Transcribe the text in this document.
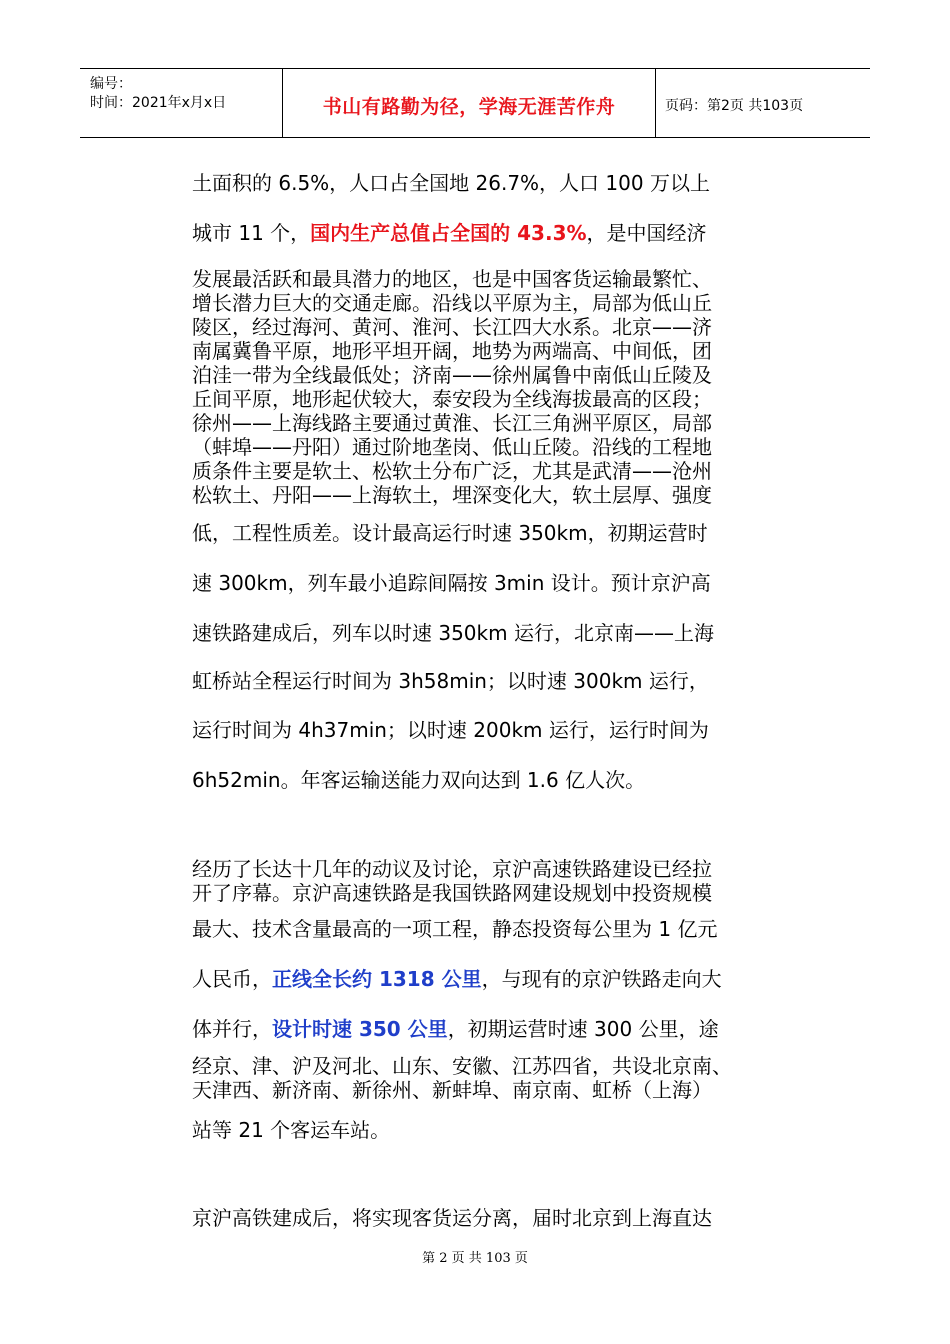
编号：
时间：2021年x月x日	书山有路勤为径，学海无涯苦作舟	页码：第2页 共103页
土面积的 6.5%，人口占全国地 26.7%，人口 100 万以上
城市 11 个，国内生产总值占全国的 43.3%，是中国经济
发展最活跃和最具潜力的地区，也是中国客货运输最繁忙、
增长潜力巨大的交通走廊。沿线以平原为主，局部为低山丘
陵区，经过海河、黄河、淮河、长江四大水系。北京——济
南属冀鲁平原，地形平坦开阔，地势为两端高、中间低，团
泊洼一带为全线最低处；济南——徐州属鲁中南低山丘陵及
丘间平原，地形起伏较大，泰安段为全线海拔最高的区段；
徐州——上海线路主要通过黄淮、长江三角洲平原区，局部
（蚌埠——丹阳）通过阶地垄岗、低山丘陵。沿线的工程地
质条件主要是软土、松软土分布广泛，尤其是武清——沧州
松软土、丹阳——上海软土，埋深变化大，软土层厚、强度
低，工程性质差。设计最高运行时速 350km，初期运营时
速 300km，列车最小追踪间隔按 3min 设计。预计京沪高
速铁路建成后，列车以时速 350km 运行，北京南——上海
虹桥站全程运行时间为 3h58min；以时速 300km 运行，
运行时间为 4h37min；以时速 200km 运行，运行时间为
6h52min。年客运输送能力双向达到 1.6 亿人次。
经历了长达十几年的动议及讨论，京沪高速铁路建设已经拉
开了序幕。京沪高速铁路是我国铁路网建设规划中投资规模
最大、技术含量最高的一项工程，静态投资每公里为 1 亿元
人民币，正线全长约 1318 公里，与现有的京沪铁路走向大
体并行，设计时速 350 公里，初期运营时速 300 公里，途
经京、津、沪及河北、山东、安徽、江苏四省，共设北京南、
天津西、新济南、新徐州、新蚌埠、南京南、虹桥（上海）
站等 21 个客运车站。
京沪高铁建成后，将实现客货运分离，届时北京到上海直达
第 2 页 共 103 页
